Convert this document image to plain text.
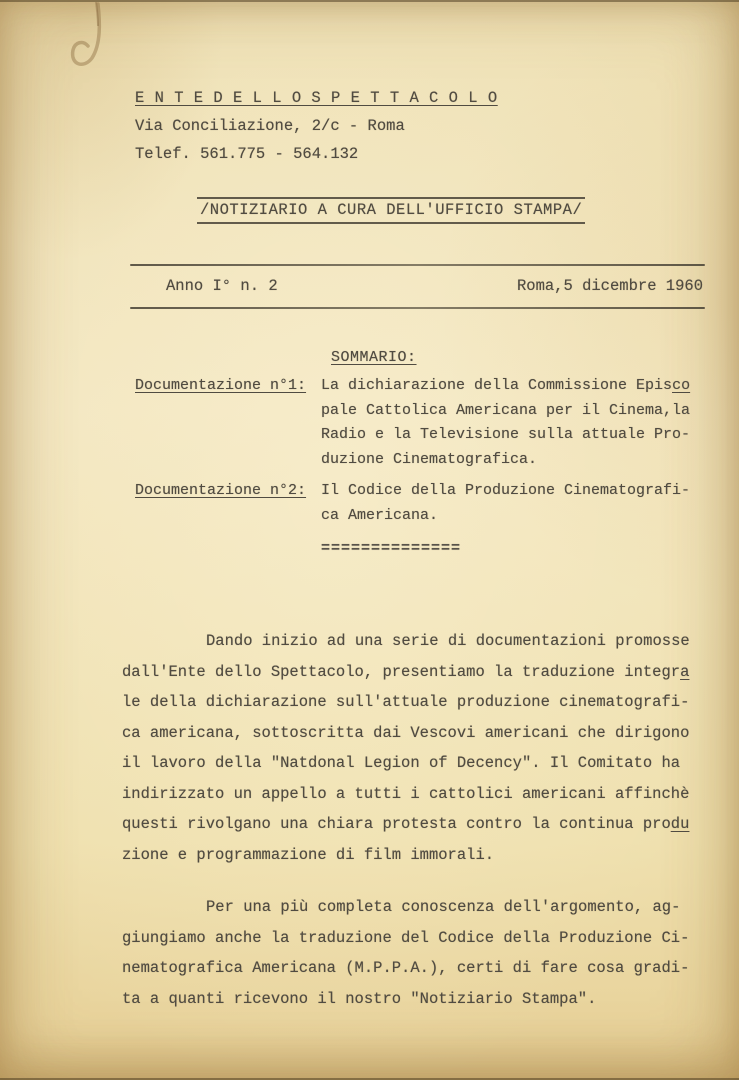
E N T E D E L L O S P E T T A C O L O
Via Conciliazione, 2/c - Roma
Telef. 561.775 - 564.132
/NOTIZIARIO A CURA DELL'UFFICIO STAMPA/
Anno I° n. 2	Roma,5 dicembre 1960
SOMMARIO:
Documentazione n°1: La dichiarazione della Commissione Episco
pale Cattolica Americana per il Cinema,la
Radio e la Televisione sulla attuale Pro-
duzione Cinematografica.
Documentazione n°2: Il Codice della Produzione Cinematografi-
ca Americana.
==============
Dando inizio ad una serie di documentazioni promosse
dall'Ente dello Spettacolo, presentiamo la traduzione integra
le della dichiarazione sull'attuale produzione cinematografi-
ca americana, sottoscritta dai Vescovi americani che dirigono
il lavoro della "Natdonal Legion of Decency". Il Comitato ha
indirizzato un appello a tutti i cattolici americani affinchè
questi rivolgano una chiara protesta contro la continua produ
zione e programmazione di film immorali.
Per una più completa conoscenza dell'argomento, ag-
giungiamo anche la traduzione del Codice della Produzione Ci-
nematografica Americana (M.P.P.A.), certi di fare cosa gradi-
ta a quanti ricevono il nostro "Notiziario Stampa".
